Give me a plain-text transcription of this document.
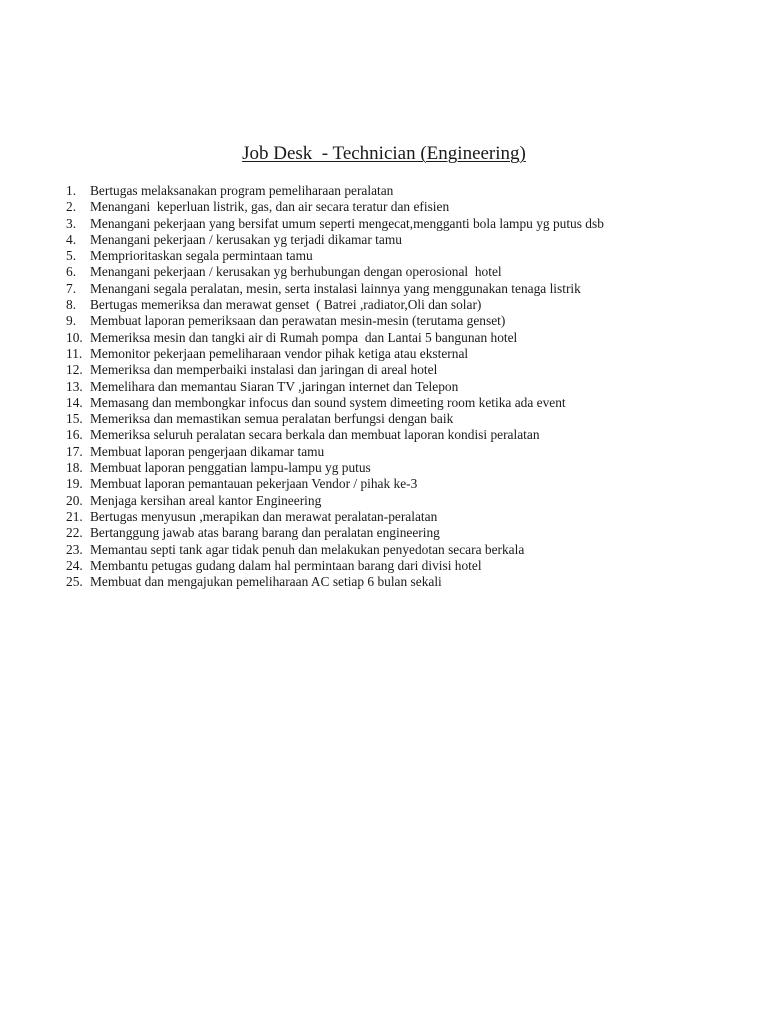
Job Desk  - Technician (Engineering)
1.	Bertugas melaksanakan program pemeliharaan peralatan
2.	Menangani  keperluan listrik, gas, dan air secara teratur dan efisien
3.	Menangani pekerjaan yang bersifat umum seperti mengecat,mengganti bola lampu yg putus dsb
4.	Menangani pekerjaan / kerusakan yg terjadi dikamar tamu
5.	Memprioritaskan segala permintaan tamu
6.	Menangani pekerjaan / kerusakan yg berhubungan dengan operosional  hotel
7.	Menangani segala peralatan, mesin, serta instalasi lainnya yang menggunakan tenaga listrik
8.	Bertugas memeriksa dan merawat genset  ( Batrei ,radiator,Oli dan solar)
9.	Membuat laporan pemeriksaan dan perawatan mesin-mesin (terutama genset)
10. Memeriksa mesin dan tangki air di Rumah pompa  dan Lantai 5 bangunan hotel
11. Memonitor pekerjaan pemeliharaan vendor pihak ketiga atau eksternal
12. Memeriksa dan memperbaiki instalasi dan jaringan di areal hotel
13. Memelihara dan memantau Siaran TV ,jaringan internet dan Telepon
14. Memasang dan membongkar infocus dan sound system dimeeting room ketika ada event
15. Memeriksa dan memastikan semua peralatan berfungsi dengan baik
16. Memeriksa seluruh peralatan secara berkala dan membuat laporan kondisi peralatan
17. Membuat laporan pengerjaan dikamar tamu
18. Membuat laporan penggatian lampu-lampu yg putus
19. Membuat laporan pemantauan pekerjaan Vendor / pihak ke-3
20. Menjaga kersihan areal kantor Engineering
21. Bertugas menyusun ,merapikan dan merawat peralatan-peralatan
22. Bertanggung jawab atas barang barang dan peralatan engineering
23. Memantau septi tank agar tidak penuh dan melakukan penyedotan secara berkala
24. Membantu petugas gudang dalam hal permintaan barang dari divisi hotel
25. Membuat dan mengajukan pemeliharaan AC setiap 6 bulan sekali
